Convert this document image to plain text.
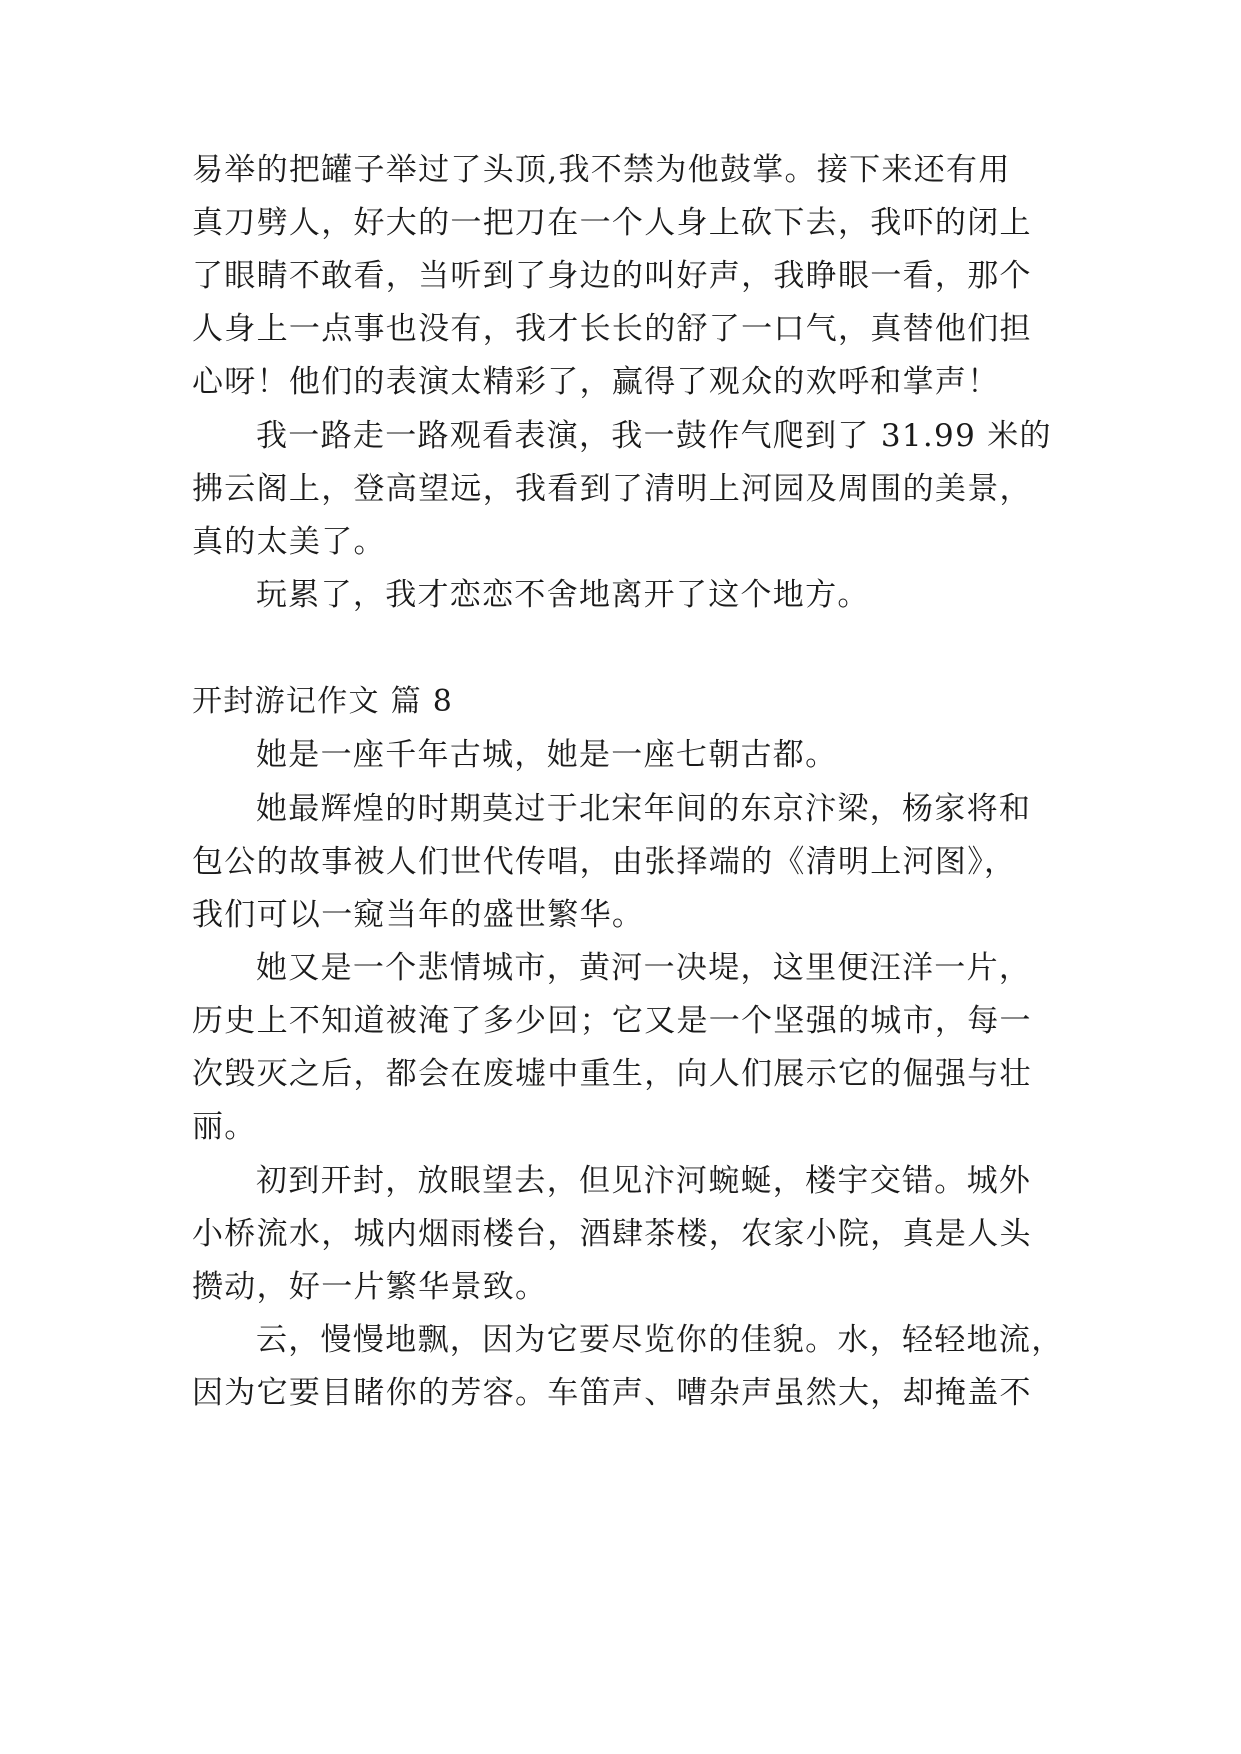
易举的把罐子举过了头顶,我不禁为他鼓掌。接下来还有用
真刀劈人，好大的一把刀在一个人身上砍下去，我吓的闭上
了眼睛不敢看，当听到了身边的叫好声，我睁眼一看，那个
人身上一点事也没有，我才长长的舒了一口气，真替他们担
心呀！他们的表演太精彩了，赢得了观众的欢呼和掌声！
我一路走一路观看表演，我一鼓作气爬到了 31.99 米的
拂云阁上，登高望远，我看到了清明上河园及周围的美景，
真的太美了。
玩累了，我才恋恋不舍地离开了这个地方。
开封游记作文 篇 8
她是一座千年古城，她是一座七朝古都。
她最辉煌的时期莫过于北宋年间的东京汴梁，杨家将和
包公的故事被人们世代传唱，由张择端的《清明上河图》，
我们可以一窥当年的盛世繁华。
她又是一个悲情城市，黄河一决堤，这里便汪洋一片，
历史上不知道被淹了多少回；它又是一个坚强的城市，每一
次毁灭之后，都会在废墟中重生，向人们展示它的倔强与壮
丽。
初到开封，放眼望去，但见汴河蜿蜒，楼宇交错。城外
小桥流水，城内烟雨楼台，酒肆茶楼，农家小院，真是人头
攒动，好一片繁华景致。
云，慢慢地飘，因为它要尽览你的佳貌。水，轻轻地流，
因为它要目睹你的芳容。车笛声、嘈杂声虽然大，却掩盖不
